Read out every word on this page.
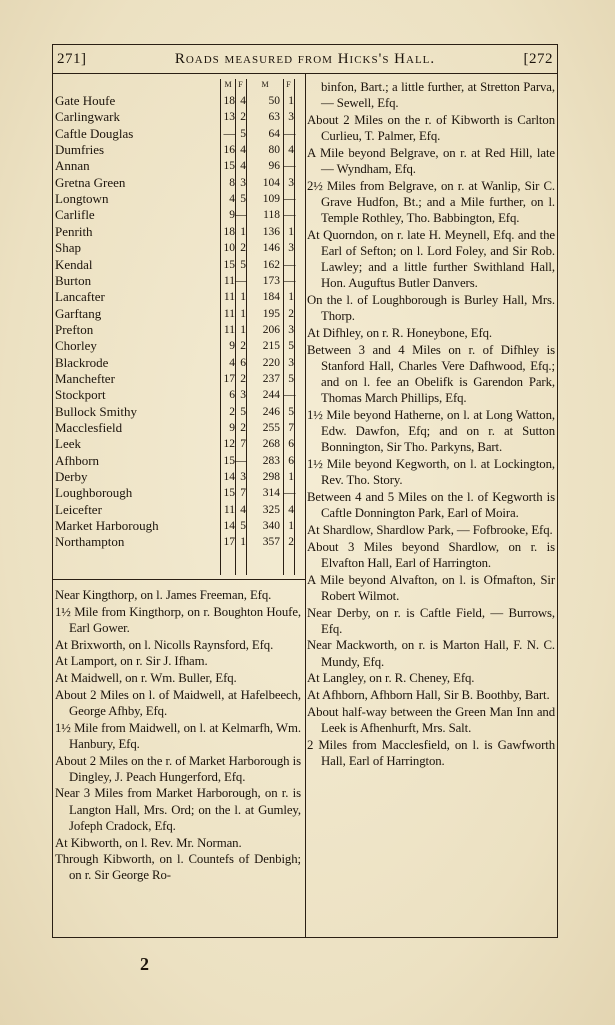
271]	Roads measured from Hicks's Hall.	[272
M F	M	F
Gate Houfe	18 4	50 1
Carlingwark	13 2	63 3
Caftle Douglas	— 5	64 —
Dumfries	16 4	80 4
Annan	15 4	96 —
Gretna Green	8 3	104 3
Longtown	4 5	109 —
Carlifle	9 —	118 —
Penrith	18 1	136 1
Shap	10 2	146 3
Kendal	15 5	162 —
Burton	11 —	173 —
Lancafter	11 1	184 1
Garftang	11 1	195 2
Prefton	11 1	206 3
Chorley	9 2	215 5
Blackrode	4 6	220 3
Manchefter	17 2	237 5
Stockport	6 3	244 —
Bullock Smithy	2 5	246 5
Macclesfield	9 2	255 7
Leek	12 7	268 6
Afhborn	15 —	283 6
Derby	14 3	298 1
Loughborough	15 7	314 —
Leicefter	11 4	325 4
Market Harborough	14 5	340 1
Northampton	17 1	357 2

Near Kingthorp, on l. James Freeman, Efq.

1½ Mile from Kingthorp, on r. Boughton Houfe, Earl Gower.

At Brixworth, on l. Nicolls Raynsford, Efq.

At Lamport, on r. Sir J. Ifham.

At Maidwell, on r. Wm. Buller, Efq.

About 2 Miles on l. of Maidwell, at Hafelbeech, George Afhby, Efq.

1½ Mile from Maidwell, on l. at Kelmarfh, Wm. Hanbury, Efq.

About 2 Miles on the r. of Market Harborough is Dingley, J. Peach Hungerford, Efq.

Near 3 Miles from Market Harborough, on r. is Langton Hall, Mrs. Ord; on the l. at Gumley, Jofeph Cradock, Efq.

At Kibworth, on l. Rev. Mr. Norman.

Through Kibworth, on l. Countefs of Denbigh; on r. Sir George Ro-

binfon, Bart.; a little further, at Stretton Parva, — Sewell, Efq.

About 2 Miles on the r. of Kibworth is Carlton Curlieu, T. Palmer, Efq.

A Mile beyond Belgrave, on r. at Red Hill, late — Wyndham, Efq.

2½ Miles from Belgrave, on r. at Wanlip, Sir C. Grave Hudfon, Bt.; and a Mile further, on l. Temple Rothley, Tho. Babbington, Efq.

At Quorndon, on r. late H. Meynell, Efq. and the Earl of Sefton; on l. Lord Foley, and Sir Rob. Lawley; and a little further Swithland Hall, Hon. Auguftus Butler Danvers.

On the l. of Loughborough is Burley Hall, Mrs. Thorp.

At Difhley, on r. R. Honeybone, Efq.

Between 3 and 4 Miles on r. of Difhley is Stanford Hall, Charles Vere Dafhwood, Efq.; and on l. fee an Obelifk is Garendon Park, Thomas March Phillips, Efq.

1½ Mile beyond Hatherne, on l. at Long Watton, Edw. Dawfon, Efq; and on r. at Sutton Bonnington, Sir Tho. Parkyns, Bart.

1½ Mile beyond Kegworth, on l. at Lockington, Rev. Tho. Story.

Between 4 and 5 Miles on the l. of Kegworth is Caftle Donnington Park, Earl of Moira.

At Shardlow, Shardlow Park, — Fofbrooke, Efq.

About 3 Miles beyond Shardlow, on r. is Elvafton Hall, Earl of Harrington.

A Mile beyond Alvafton, on l. is Ofmafton, Sir Robert Wilmot.

Near Derby, on r. is Caftle Field, — Burrows, Efq.

Near Mackworth, on r. is Marton Hall, F. N. C. Mundy, Efq.

At Langley, on r. R. Cheney, Efq.

At Afhborn, Afhborn Hall, Sir B. Boothby, Bart.

About half-way between the Green Man Inn and Leek is Afhenhurft, Mrs. Salt.

2 Miles from Macclesfield, on l. is Gawfworth Hall, Earl of Harrington.

2
